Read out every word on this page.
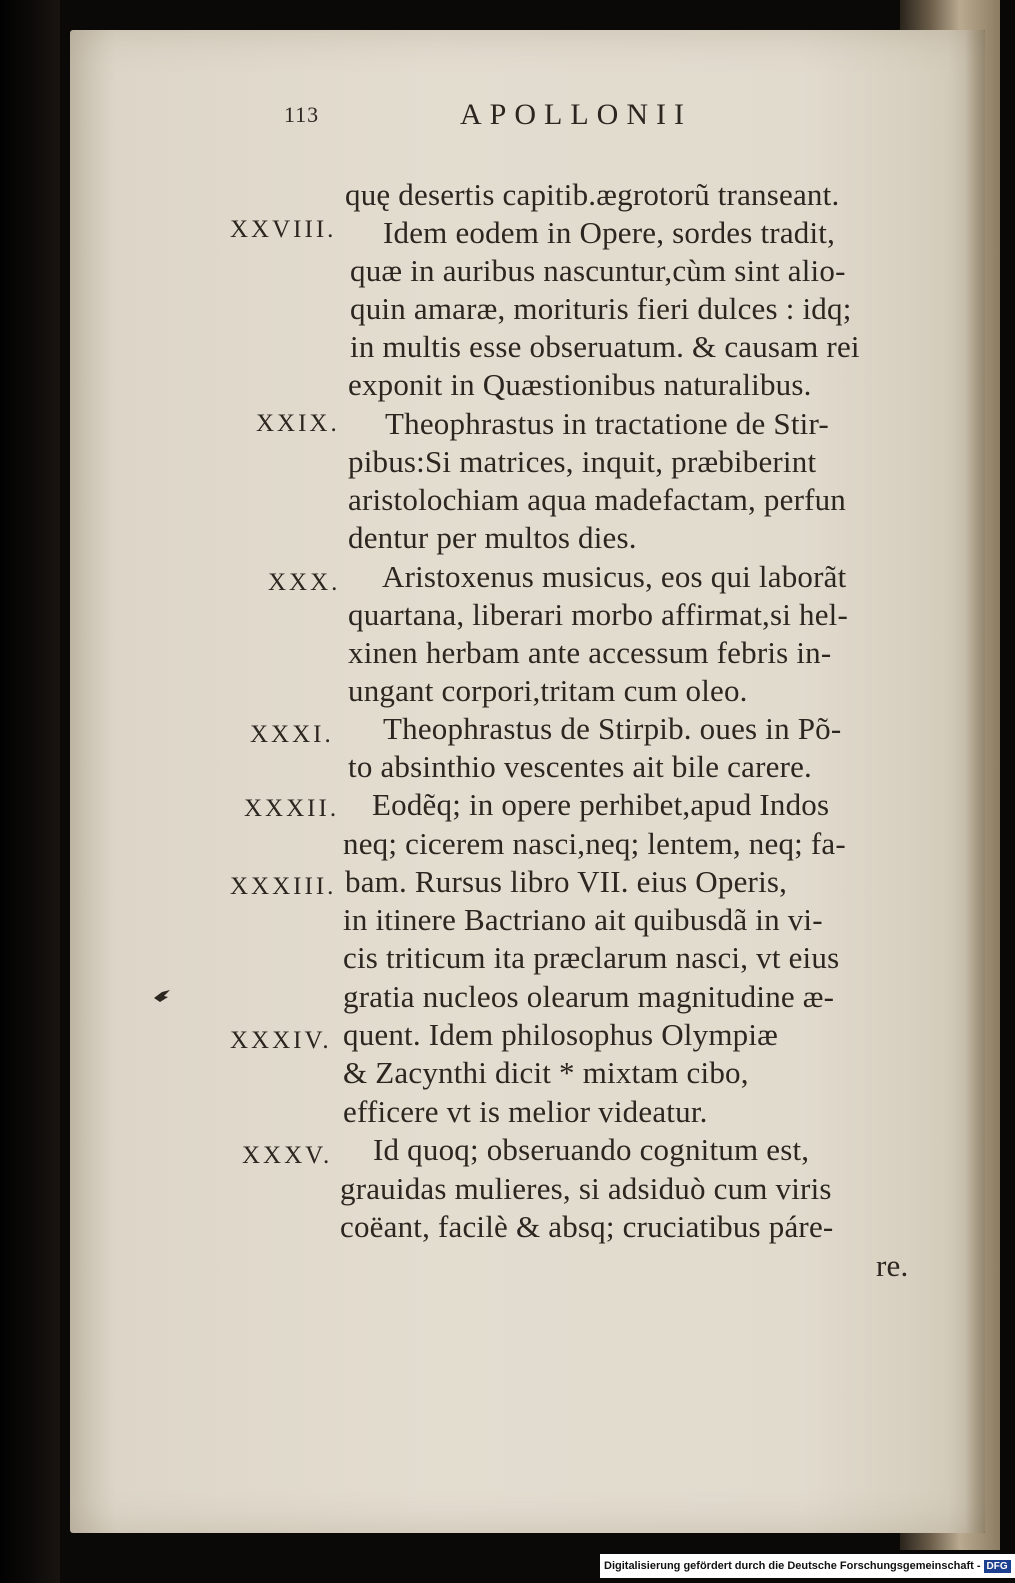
113	APOLLONII
XXVIII.
XXIX.
XXX.
XXXI.
XXXII.
XXXIII.
XXXIV.
XXXV.
quę desertis capitib.ægrotorũ transeant.
Idem eodem in Opere, sordes tradit,
quæ in auribus nascuntur,cùm sint alio-
quin amaræ, morituris fieri dulces : idq;
in multis esse obseruatum. & causam rei
exponit in Quæstionibus naturalibus.
Theophrastus in tractatione de Stir-
pibus:Si matrices, inquit, præbiberint
aristolochiam aqua madefactam, perfun
dentur per multos dies.
Aristoxenus musicus, eos qui laborãt
quartana, liberari morbo affirmat,si hel-
xinen herbam ante accessum febris in-
ungant corpori,tritam cum oleo.
Theophrastus de Stirpib. oues in Põ-
to absinthio vescentes ait bile carere.
Eodẽq; in opere perhibet,apud Indos
neq; cicerem nasci,neq; lentem, neq; fa-
bam. Rursus libro VII. eius Operis,
in itinere Bactriano ait quibusdã in vi-
cis triticum ita præclarum nasci, vt eius
gratia nucleos olearum magnitudine æ-
quent. Idem philosophus Olympiæ
& Zacynthi dicit * mixtam cibo,
efficere vt is melior videatur.
Id quoq; obseruando cognitum est,
grauidas mulieres, si adsiduò cum viris
coëant, facilè & absq; cruciatibus páre-
re.
Digitalisierung gefördert durch die Deutsche Forschungsgemeinschaft - DFG
